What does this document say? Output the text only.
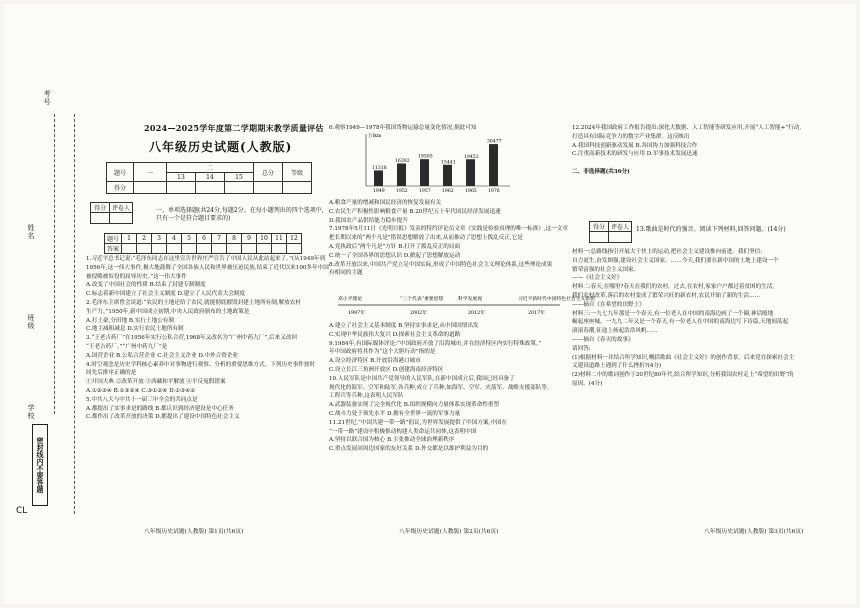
考号
姓名
班级
学校
密封线内不要答题
CL
2024—2025学年度第二学期期末教学质量评估
八年级历史试题(人教版)
题号	一	二			总分	等级
		13	14	15		
得分						
得分	评卷人
		一、单项选择题(共24分,每题2分。在每小题列出的四个选项中,只有一个是符合题目要求的)
题号	1	2	3	4	5	6	7	8	9	10	11	12
答案												
1.习近平总书记说:“毛泽东同志在这里宣告世界庄严宣告了中国人民从此站起来了。”(从1949年到
1956年,这一伟大事件,极大地鼓舞了全国各族人民和世界被压迫民族,结束了近代以来100多年中国
被侵略被奴役的屈辱历史。”这一伟大事件
A.改变了中国社会的性质 B.结束了封建专制制度
C.标志着新中国建立了社会主义制度 D.建立了人民代表大会制度
2.毛泽东主席曾会谈道:“农民的土地还给了农民,就能彻底摧毁封建土地所有制,解放农村
生产力。”1950年,新中国成立初期,中央人民政府颁布的土地政策是
A.打土豪,分田地 B.实行土地公有制
C.地主减租减息 D.实行农民土地所有制
3.“王老吉药厂”在1956年实行公私合营,1968年又改名为“广州中药九厂”,后来又改回
“王老吉药厂。”“广州中药九厂”是
A.国营企业 B.公私合营企业 C.社会主义企业 D.中外合资企业
4.时空观念是历史学科核心素养中对事物进行观察、分析的重要思维方式。下列历史事件按时
间先后排序正确的是
①开国大典 ②改革开放 ③西藏和平解放 ④平反冤假错案
A.①②③④ B.①③②④ C.③①②④ D.①③④②
5.中共八大与中共十一届三中全会的共同点是
A.都提出了实事求是的路线 B.都认识到经济建设是中心任务
C.都作出了改革开放的决策 D.都提出了建设中国特色社会主义
八年级历史试题(人教版) 第1页(共6页)
6.观察1949—1978年我国货物运输总量变化情况,据此可知
万tkm
11318
1949
16392
1952
19505
1957
15441
1962
19453
1965
30477
1978
A.粮食产量的增减和国民经济的恢复发展有关
C.农民生产积极性影响粮食产量 B.20世纪五十年代国民经济发展迅速
D.我国农产品供给能力稳步提升
7.1978年5月11日《光明日报》发表的特约评论员文章《实践是检验真理的唯一标准》,这一文章
把长期以来的“两个凡是”错误思想解放了出来,从而推动了思想上拨乱反正,它是
A.党执政后“两个凡是”方针 B.打开了拨乱反正的局面
C.统一了全国各界的思想认识 D.掀起了思想解放运动
8.改革开放以来,中国共产党立足中国实际,形成了中国特色社会主义理论体系,这些理论成果
有相同的主题
邓小平理论
1997年
“三个代表”重要思想
2002年
科学发展观
2012年
习近平新时代中国特色社会主义思想
2017年
A.建立了社会主义基本制度 B.坚持实事求是,从中国国情出发
C.实现中华民族伟大复兴 D.探索社会主义革命的道路
9.1984年,有国际媒体评论:“中国政府开放了沿海城市,并在经济特区内实行特殊政策。”
年中国政府将其作为“这个大胆行动”指的是
A.设立经济特区 B.开放沿海港口城市
C.设立长江三角洲开放区 D.创建海南经济特区
10.人民军队是中国共产党领导的人民军队,在新中国成立后,我国已经具备了
现代化的海军、空军和陆军,各兵种,成立了兵种,如海军、空军、火箭军、战略支援部队等。
工程兵等兵种,这表明人民军队
A.武器装备实现了完全现代化 B.组织规模向力量体系实现革命性重塑
C.战斗力处于领先水平 D.拥有全世界一流的军事力量
11.21世纪,“中国共建一带一路”倡议,为世界发展提供了中国方案,中国在
“一带一路”建设中积极推动构建人类命运共同体,这表明中国
A.坚持以联合国为核心 B.主张推动全球治理新秩序
C.重点发展同周边国家的友好关系 D.外交都是以维护利益为目的
八年级历史试题(人教版) 第2页(共6页)
12.2024年我国政府工作报告提出:深化大数据、人工智能等研发应用,开展“人工智能+”行动,
打造具有国际竞争力的数字产业集群。这反映出
A.我国科技创新驱动发展 B.各国协力加强科技合作
C.注重高新技术的研发与应用 D.军事技术发展迅速
二、非选择题(共36分)
得分	评卷人
	13.歌曲是时代的强音。阅读下列材料,回答问题。(14分)
材料一:总路线指引开展大干快上的运动,把社会主义建设推向前进。我们坚信:
自力更生,奋发图强,建设社会主义国家。……今天,我们要在新中国的土地上建设一个
繁荣富强的社会主义国家。
——《社会主义好》
材料二:春天,在哪里?春天在我们的农村。过去,在农村,家家户户都过着贫困的生活,
我们农村改革,落后的农村变成了繁荣兴旺的新农村,农民开始了新的生活……
——摘自《在希望的田野上》
材料三:一九七九年那是一个春天,有一位老人在中国的南海边画了一个圈,神话般地
崛起座座城。一九九二年又是一个春天,有一位老人在中国的南海边写下诗篇,天地间荡起
滚滚春潮,征途上扬起浩浩风帆……
——摘自《春天的故事》
请回答:
(1)根据材料一并结合所学知识,概括歌曲《社会主义好》的创作背景。后来党在探索社会主
义建设道路上遇到了什么挫折?(4分)
(2)材料二中的歌词创作于20世纪80年代,结合所学知识,分析我国农村走上“希望的田野”的
原因。(4分)
八年级历史试题(人教版) 第3页(共6页)
